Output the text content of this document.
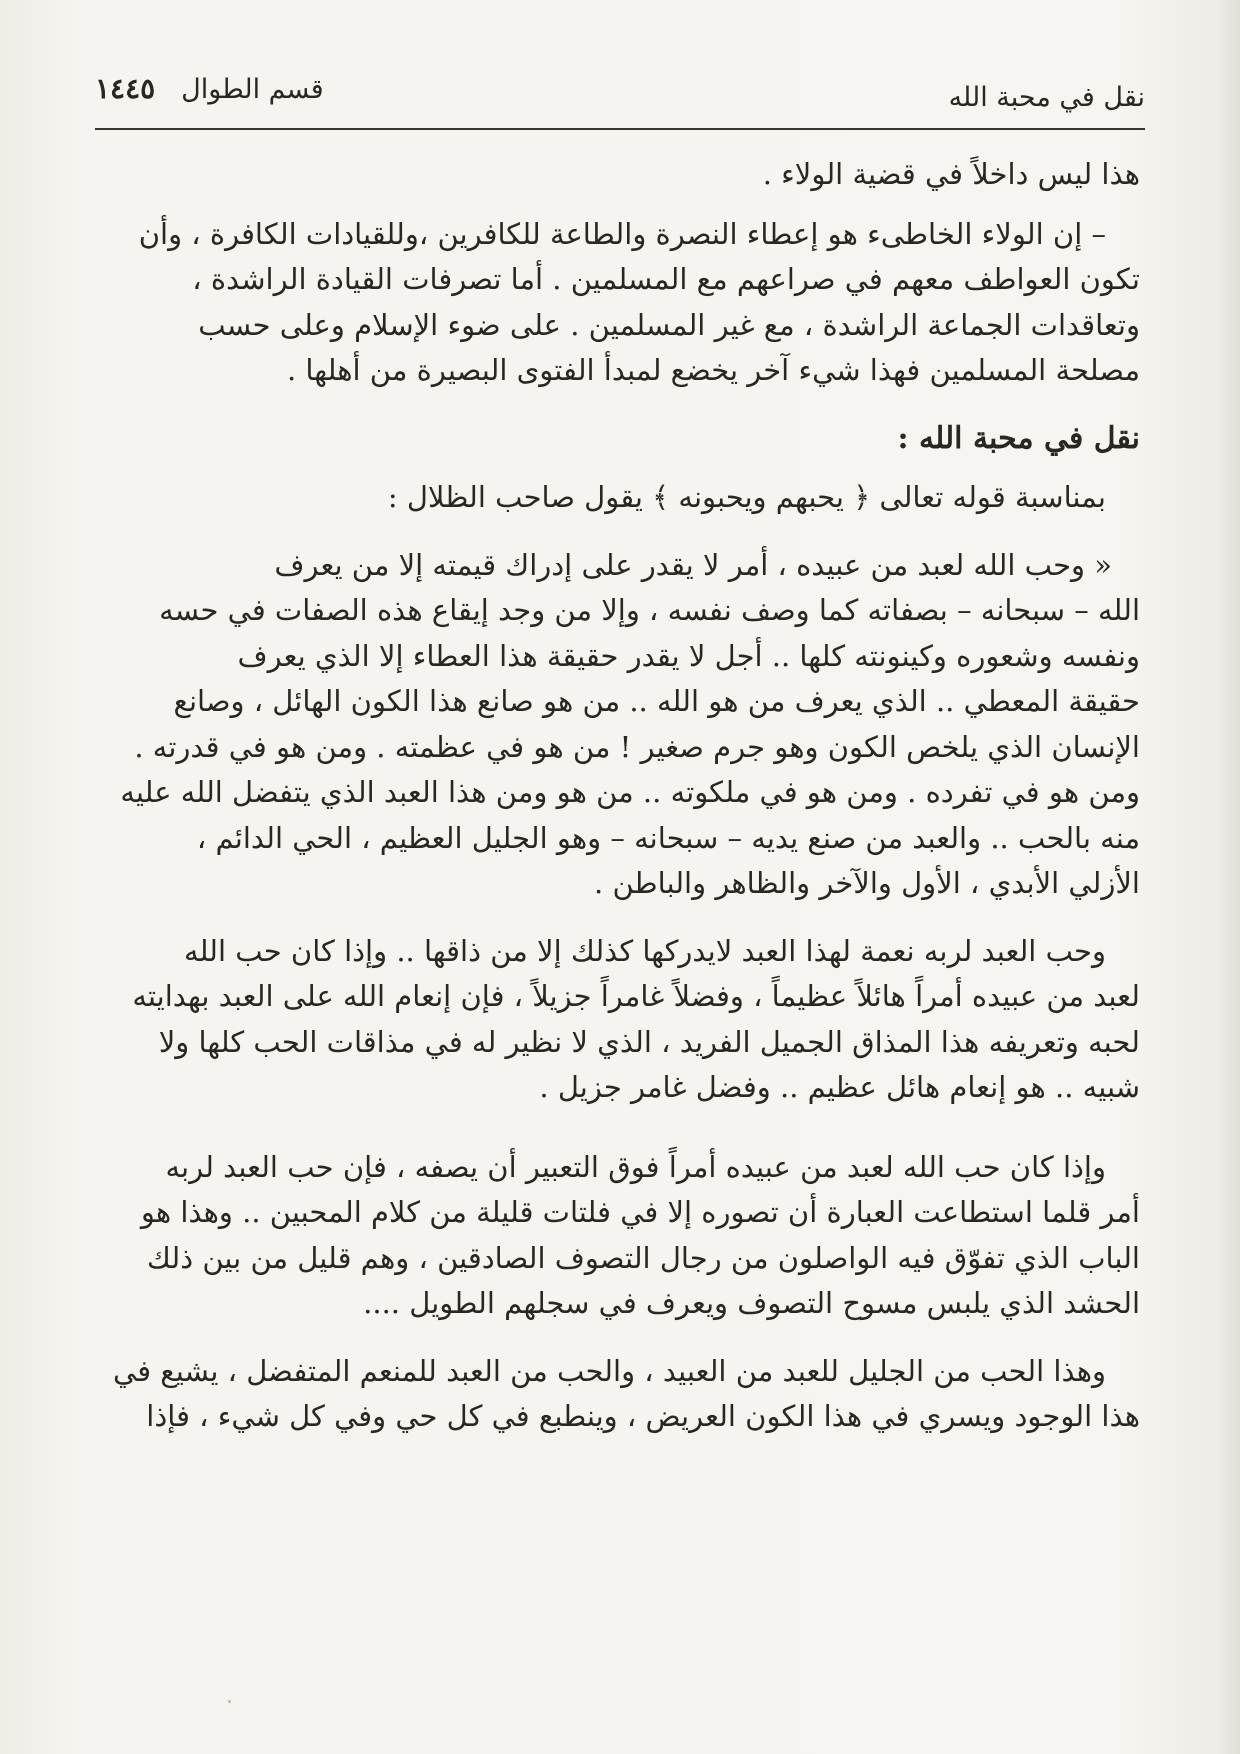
نقل في محبة الله
قسم الطوال١٤٤٥

هذا ليس داخلاً في قضية الولاء .

– إن الولاء الخاطىء هو إعطاء النصرة والطاعة للكافرين ،وللقيادات الكافرة ، وأن
تكون العواطف معهم في صراعهم مع المسلمين . أما تصرفات القيادة الراشدة ،
وتعاقدات الجماعة الراشدة ، مع غير المسلمين . على ضوء الإسلام وعلى حسب
مصلحة المسلمين فهذا شيء آخر يخضع لمبدأ الفتوى البصيرة من أهلها .

نقل في محبة الله :

بمناسبة قوله تعالى ﴿ يحبهم ويحبونه ﴾ يقول صاحب الظلال :

« وحب الله لعبد من عبيده ، أمر لا يقدر على إدراك قيمته إلا من يعرف
الله – سبحانه – بصفاته كما وصف نفسه ، وإلا من وجد إيقاع هذه الصفات في حسه
ونفسه وشعوره وكينونته كلها .. أجل لا يقدر حقيقة هذا العطاء إلا الذي يعرف
حقيقة المعطي .. الذي يعرف من هو الله .. من هو صانع هذا الكون الهائل ، وصانع
الإنسان الذي يلخص الكون وهو جرم صغير ! من هو في عظمته . ومن هو في قدرته .
ومن هو في تفرده . ومن هو في ملكوته .. من هو ومن هذا العبد الذي يتفضل الله عليه
منه بالحب .. والعبد من صنع يديه – سبحانه – وهو الجليل العظيم ، الحي الدائم ،
الأزلي الأبدي ، الأول والآخر والظاهر والباطن .

وحب العبد لربه نعمة لهذا العبد لايدركها كذلك إلا من ذاقها .. وإذا كان حب الله
لعبد من عبيده أمراً هائلاً عظيماً ، وفضلاً غامراً جزيلاً ، فإن إنعام الله على العبد بهدايته
لحبه وتعريفه هذا المذاق الجميل الفريد ، الذي لا نظير له في مذاقات الحب كلها ولا
شبيه .. هو إنعام هائل عظيم .. وفضل غامر جزيل .

وإذا كان حب الله لعبد من عبيده أمراً فوق التعبير أن يصفه ، فإن حب العبد لربه
أمر قلما استطاعت العبارة أن تصوره إلا في فلتات قليلة من كلام المحبين .. وهذا هو
الباب الذي تفوّق فيه الواصلون من رجال التصوف الصادقين ، وهم قليل من بين ذلك
الحشد الذي يلبس مسوح التصوف ويعرف في سجلهم الطويل ....

وهذا الحب من الجليل للعبد من العبيد ، والحب من العبد للمنعم المتفضل ، يشيع في
هذا الوجود ويسري في هذا الكون العريض ، وينطبع في كل حي وفي كل شيء ، فإذا
